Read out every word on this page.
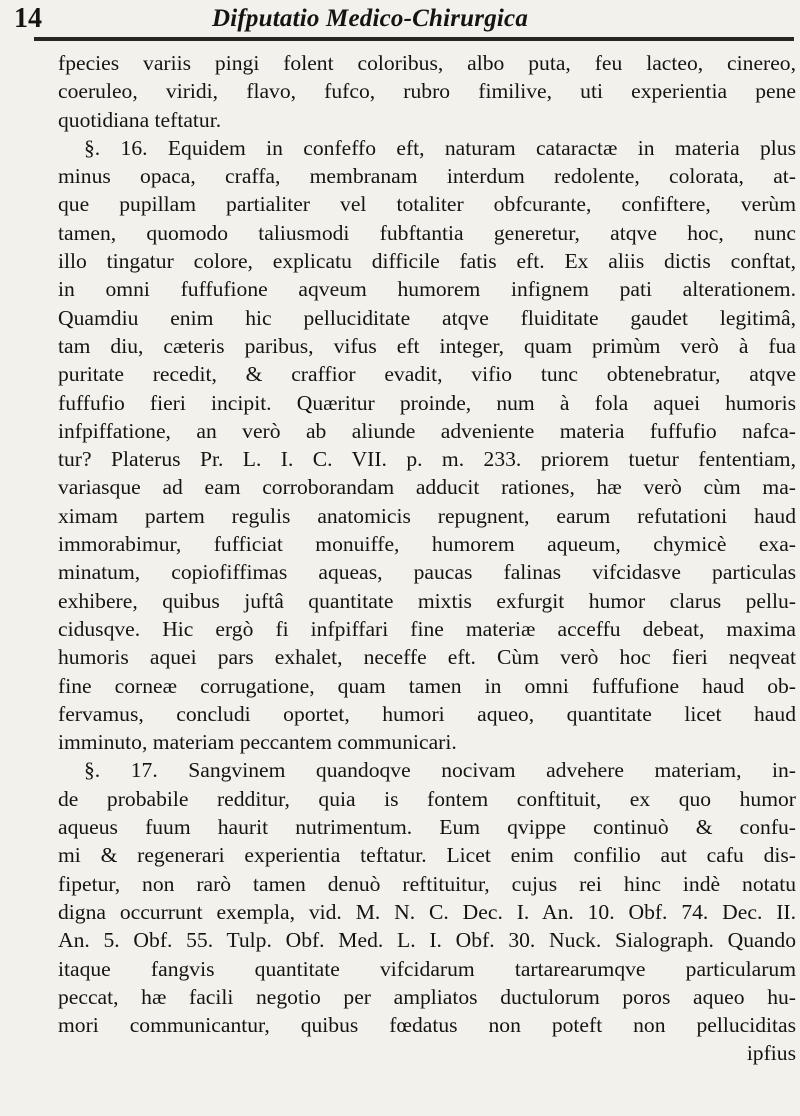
14	Difputatio Medico-Chirurgica
fpecies variis pingi folent coloribus, albo puta, feu lacteo, cinereo,
coeruleo, viridi, flavo, fufco, rubro fimilive, uti experientia pene
quotidiana teftatur.
§. 16. Equidem in confeffo eft, naturam cataractæ in materia plus
minus opaca, craffa, membranam interdum redolente, colorata, at-
que pupillam partialiter vel totaliter obfcurante, confiftere, verùm
tamen, quomodo taliusmodi fubftantia generetur, atqve hoc, nunc
illo tingatur colore, explicatu difficile fatis eft. Ex aliis dictis conftat,
in omni fuffufione aqveum humorem infignem pati alterationem.
Quamdiu enim hic pelluciditate atqve fluiditate gaudet legitimâ,
tam diu, cæteris paribus, vifus eft integer, quam primùm verò à fua
puritate recedit, & craffior evadit, vifio tunc obtenebratur, atqve
fuffufio fieri incipit. Quæritur proinde, num à fola aquei humoris
infpiffatione, an verò ab aliunde adveniente materia fuffufio nafca-
tur? Platerus Pr. L. I. C. VII. p. m. 233. priorem tuetur fententiam,
variasque ad eam corroborandam adducit rationes, hæ verò cùm ma-
ximam partem regulis anatomicis repugnent, earum refutationi haud
immorabimur, fufficiat monuiffe, humorem aqueum, chymicè exa-
minatum, copiofiffimas aqueas, paucas falinas vifcidasve particulas
exhibere, quibus juftâ quantitate mixtis exfurgit humor clarus pellu-
cidusqve. Hic ergò fi infpiffari fine materiæ acceffu debeat, maxima
humoris aquei pars exhalet, neceffe eft. Cùm verò hoc fieri neqveat
fine corneæ corrugatione, quam tamen in omni fuffufione haud ob-
fervamus, concludi oportet, humori aqueo, quantitate licet haud
imminuto, materiam peccantem communicari.
§. 17. Sangvinem quandoqve nocivam advehere materiam, in-
de probabile redditur, quia is fontem conftituit, ex quo humor
aqueus fuum haurit nutrimentum. Eum qvippe continuò & confu-
mi & regenerari experientia teftatur. Licet enim confilio aut cafu dis-
fipetur, non rarò tamen denuò reftituitur, cujus rei hinc indè notatu
digna occurrunt exempla, vid. M. N. C. Dec. I. An. 10. Obf. 74. Dec. II.
An. 5. Obf. 55. Tulp. Obf. Med. L. I. Obf. 30. Nuck. Sialograph. Quando
itaque fangvis quantitate vifcidarum tartarearumqve particularum
peccat, hæ facili negotio per ampliatos ductulorum poros aqueo hu-
mori communicantur, quibus fœdatus non poteft non pelluciditas
ipfius
